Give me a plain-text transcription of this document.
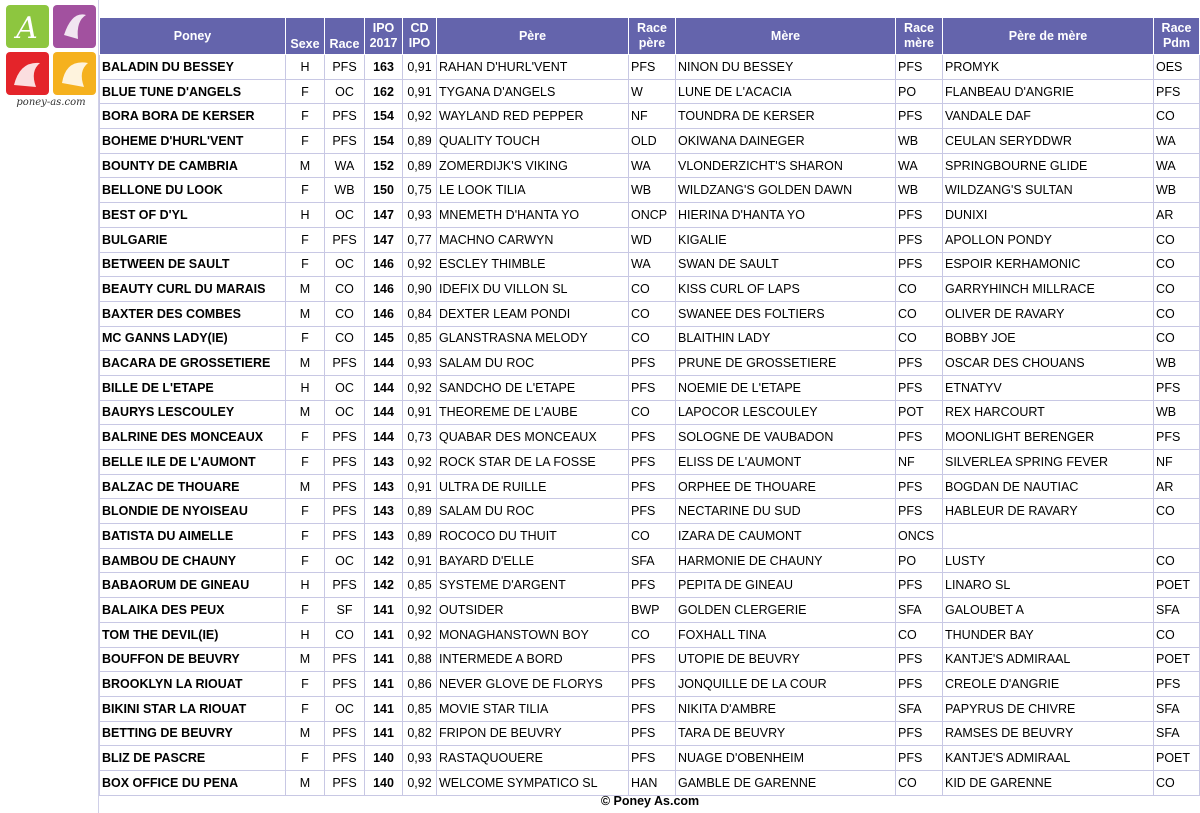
A
poney-as.com
Poney	Sexe	Race	IPO 2017	CD IPO	Père	Race père	Mère	Race mère	Père de mère	Race Pdm
BALADIN DU BESSEY	H	PFS	163	0,91	RAHAN D'HURL'VENT	PFS	NINON DU BESSEY	PFS	PROMYK	OES
BLUE TUNE D'ANGELS	F	OC	162	0,91	TYGANA D'ANGELS	W	LUNE DE L'ACACIA	PO	FLANBEAU D'ANGRIE	PFS
BORA BORA DE KERSER	F	PFS	154	0,92	WAYLAND RED PEPPER	NF	TOUNDRA DE KERSER	PFS	VANDALE DAF	CO
BOHEME D'HURL'VENT	F	PFS	154	0,89	QUALITY TOUCH	OLD	OKIWANA DAINEGER	WB	CEULAN SERYDDWR	WA
BOUNTY DE CAMBRIA	M	WA	152	0,89	ZOMERDIJK'S VIKING	WA	VLONDERZICHT'S SHARON	WA	SPRINGBOURNE GLIDE	WA
BELLONE DU LOOK	F	WB	150	0,75	LE LOOK TILIA	WB	WILDZANG'S GOLDEN DAWN	WB	WILDZANG'S SULTAN	WB
BEST OF D'YL	H	OC	147	0,93	MNEMETH D'HANTA YO	ONCP	HIERINA D'HANTA YO	PFS	DUNIXI	AR
BULGARIE	F	PFS	147	0,77	MACHNO CARWYN	WD	KIGALIE	PFS	APOLLON PONDY	CO
BETWEEN DE SAULT	F	OC	146	0,92	ESCLEY THIMBLE	WA	SWAN DE SAULT	PFS	ESPOIR KERHAMONIC	CO
BEAUTY CURL DU MARAIS	M	CO	146	0,90	IDEFIX DU VILLON SL	CO	KISS CURL OF LAPS	CO	GARRYHINCH MILLRACE	CO
BAXTER DES COMBES	M	CO	146	0,84	DEXTER LEAM PONDI	CO	SWANEE DES FOLTIERS	CO	OLIVER DE RAVARY	CO
MC GANNS LADY(IE)	F	CO	145	0,85	GLANSTRASNA MELODY	CO	BLAITHIN LADY	CO	BOBBY JOE	CO
BACARA DE GROSSETIERE	M	PFS	144	0,93	SALAM DU ROC	PFS	PRUNE DE GROSSETIERE	PFS	OSCAR DES CHOUANS	WB
BILLE DE L'ETAPE	H	OC	144	0,92	SANDCHO DE L'ETAPE	PFS	NOEMIE DE L'ETAPE	PFS	ETNATYV	PFS
BAURYS LESCOULEY	M	OC	144	0,91	THEOREME DE L'AUBE	CO	LAPOCOR LESCOULEY	POT	REX HARCOURT	WB
BALRINE DES MONCEAUX	F	PFS	144	0,73	QUABAR DES MONCEAUX	PFS	SOLOGNE DE VAUBADON	PFS	MOONLIGHT BERENGER	PFS
BELLE ILE DE L'AUMONT	F	PFS	143	0,92	ROCK STAR DE LA FOSSE	PFS	ELISS DE L'AUMONT	NF	SILVERLEA SPRING FEVER	NF
BALZAC DE THOUARE	M	PFS	143	0,91	ULTRA DE RUILLE	PFS	ORPHEE DE THOUARE	PFS	BOGDAN DE NAUTIAC	AR
BLONDIE DE NYOISEAU	F	PFS	143	0,89	SALAM DU ROC	PFS	NECTARINE DU SUD	PFS	HABLEUR DE RAVARY	CO
BATISTA DU AIMELLE	F	PFS	143	0,89	ROCOCO DU THUIT	CO	IZARA DE CAUMONT	ONCS		
BAMBOU DE CHAUNY	F	OC	142	0,91	BAYARD D'ELLE	SFA	HARMONIE DE CHAUNY	PO	LUSTY	CO
BABAORUM DE GINEAU	H	PFS	142	0,85	SYSTEME D'ARGENT	PFS	PEPITA DE GINEAU	PFS	LINARO SL	POET
BALAIKA DES PEUX	F	SF	141	0,92	OUTSIDER	BWP	GOLDEN CLERGERIE	SFA	GALOUBET A	SFA
TOM THE DEVIL(IE)	H	CO	141	0,92	MONAGHANSTOWN BOY	CO	FOXHALL TINA	CO	THUNDER BAY	CO
BOUFFON DE BEUVRY	M	PFS	141	0,88	INTERMEDE A BORD	PFS	UTOPIE DE BEUVRY	PFS	KANTJE'S ADMIRAAL	POET
BROOKLYN LA RIOUAT	F	PFS	141	0,86	NEVER GLOVE DE FLORYS	PFS	JONQUILLE DE LA COUR	PFS	CREOLE D'ANGRIE	PFS
BIKINI STAR LA RIOUAT	F	OC	141	0,85	MOVIE STAR TILIA	PFS	NIKITA D'AMBRE	SFA	PAPYRUS DE CHIVRE	SFA
BETTING DE BEUVRY	M	PFS	141	0,82	FRIPON DE BEUVRY	PFS	TARA DE BEUVRY	PFS	RAMSES DE BEUVRY	SFA
BLIZ DE PASCRE	F	PFS	140	0,93	RASTAQUOUERE	PFS	NUAGE D'OBENHEIM	PFS	KANTJE'S ADMIRAAL	POET
BOX OFFICE DU PENA	M	PFS	140	0,92	WELCOME SYMPATICO SL	HAN	GAMBLE DE GARENNE	CO	KID DE GARENNE	CO
© Poney As.com
